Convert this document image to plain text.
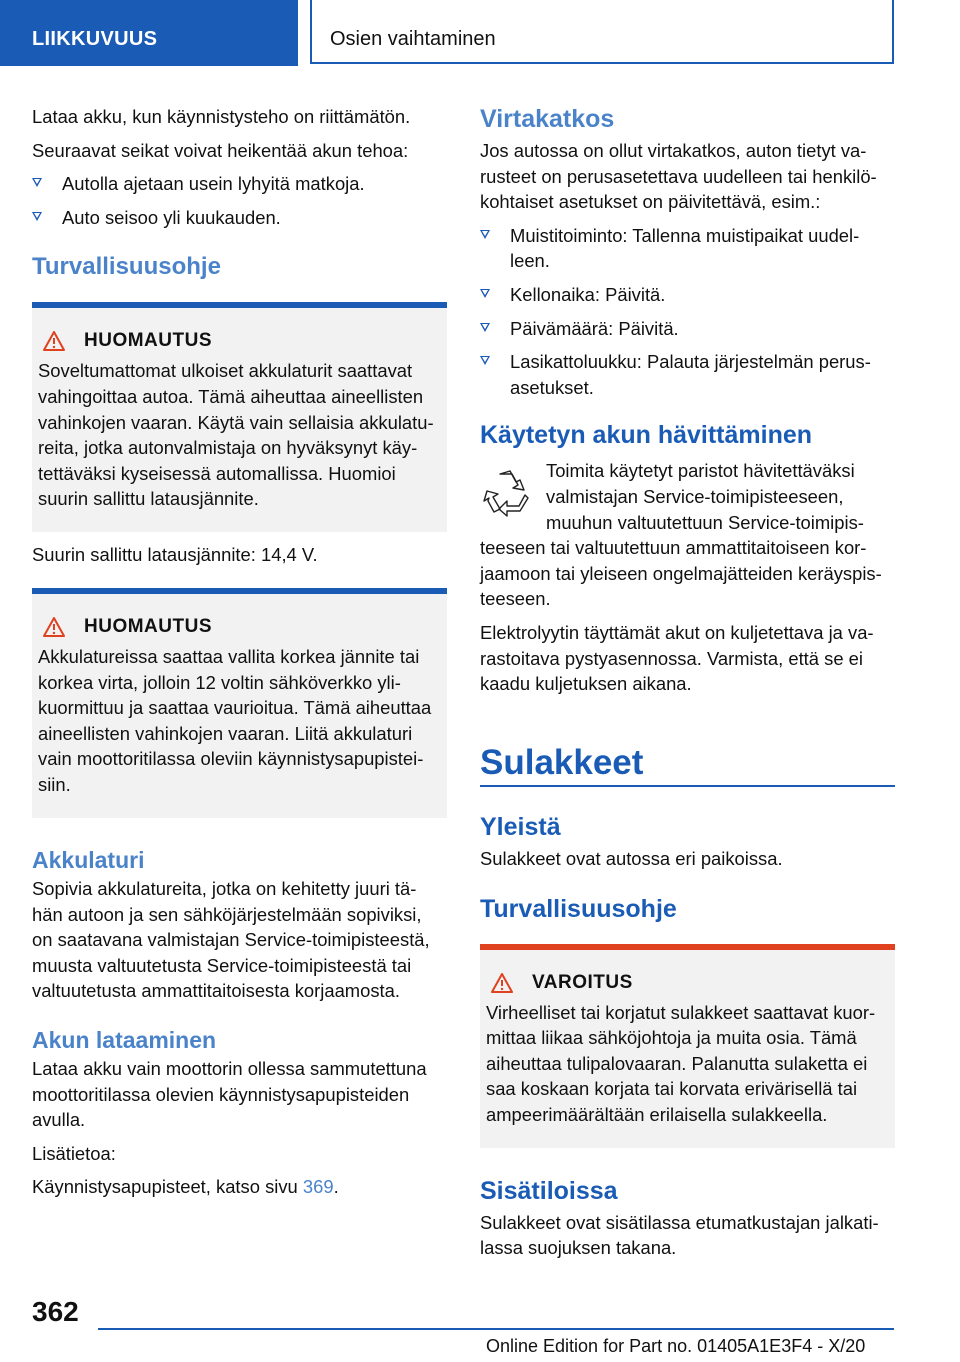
LIIKKUVUUS	Osien vaihtaminen

Lataa akku, kun käynnistysteho on riittämätön.

Seuraavat seikat voivat heikentää akun tehoa:

Autolla ajetaan usein lyhyitä matkoja.

Auto seisoo yli kuukauden.

Turvallisuusohje

HUOMAUTUS

Soveltumattomat ulkoiset akkulaturit saattavat

vahingoittaa autoa. Tämä aiheuttaa aineellisten

vahinkojen vaaran. Käytä vain sellaisia akkulatu-

reita, jotka autonvalmistaja on hyväksynyt käy-

tettäväksi kyseisessä automallissa. Huomioi

suurin sallittu latausjännite.

Suurin sallittu latausjännite: 14,4 V.

HUOMAUTUS

Akkulatureissa saattaa vallita korkea jännite tai

korkea virta, jolloin 12 voltin sähköverkko yli-

kuormittuu ja saattaa vaurioitua. Tämä aiheuttaa

aineellisten vahinkojen vaaran. Liitä akkulaturi

vain moottoritilassa oleviin käynnistysapupistei-

siin.

Akkulaturi

Sopivia akkulatureita, jotka on kehitetty juuri tä-

hän autoon ja sen sähköjärjestelmään sopiviksi,

on saatavana valmistajan Service-toimipisteestä,

muusta valtuutetusta Service-toimipisteestä tai

valtuutetusta ammattitaitoisesta korjaamosta.

Akun lataaminen

Lataa akku vain moottorin ollessa sammutettuna

moottoritilassa olevien käynnistysapupisteiden

avulla.

Lisätietoa:

Käynnistysapupisteet, katso sivu 369.

Virtakatkos

Jos autossa on ollut virtakatkos, auton tietyt va-

rusteet on perusasetettava uudelleen tai henkilö-

kohtaiset asetukset on päivitettävä, esim.:

Muistitoiminto: Tallenna muistipaikat uudel-

leen.

Kellonaika: Päivitä.

Päivämäärä: Päivitä.

Lasikattoluukku: Palauta järjestelmän perus-

asetukset.

Käytetyn akun hävittäminen

Toimita käytetyt paristot hävitettäväksi

valmistajan Service-toimipisteeseen,

muuhun valtuutettuun Service-toimipis-

teeseen tai valtuutettuun ammattitaitoiseen kor-

jaamoon tai yleiseen ongelmajätteiden keräyspis-

teeseen.

Elektrolyytin täyttämät akut on kuljetettava ja va-

rastoitava pystyasennossa. Varmista, että se ei

kaadu kuljetuksen aikana.

Sulakkeet

Yleistä

Sulakkeet ovat autossa eri paikoissa.

Turvallisuusohje

VAROITUS

Virheelliset tai korjatut sulakkeet saattavat kuor-

mittaa liikaa sähköjohtoja ja muita osia. Tämä

aiheuttaa tulipalovaaran. Palanutta sulaketta ei

saa koskaan korjata tai korvata erivärisellä tai

ampeerimäärältään erilaisella sulakkeella.

Sisätiloissa

Sulakkeet ovat sisätilassa etumatkustajan jalkati-

lassa suojuksen takana.

362
Online Edition for Part no. 01405A1E3F4 - X/20
